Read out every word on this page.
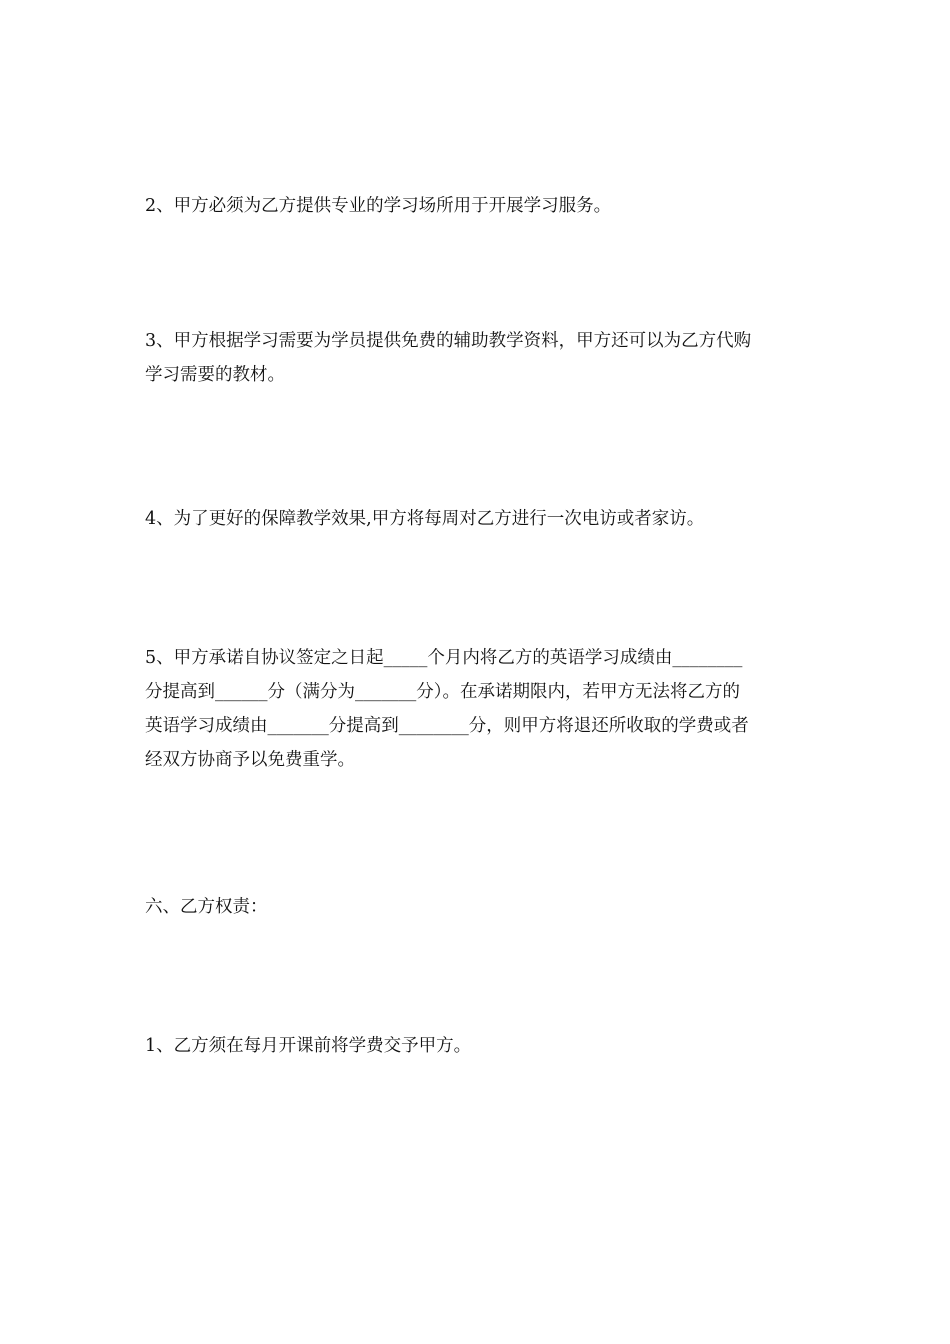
2、甲方必须为乙方提供专业的学习场所用于开展学习服务。

3、甲方根据学习需要为学员提供免费的辅助教学资料，甲方还可以为乙方代购
学习需要的教材。

4、为了更好的保障教学效果,甲方将每周对乙方进行一次电访或者家访。

5、甲方承诺自协议签定之日起_____个月内将乙方的英语学习成绩由________
分提高到______分（满分为_______分）。在承诺期限内，若甲方无法将乙方的
英语学习成绩由_______分提高到________分，则甲方将退还所收取的学费或者
经双方协商予以免费重学。

六、乙方权责：

1、乙方须在每月开课前将学费交予甲方。
